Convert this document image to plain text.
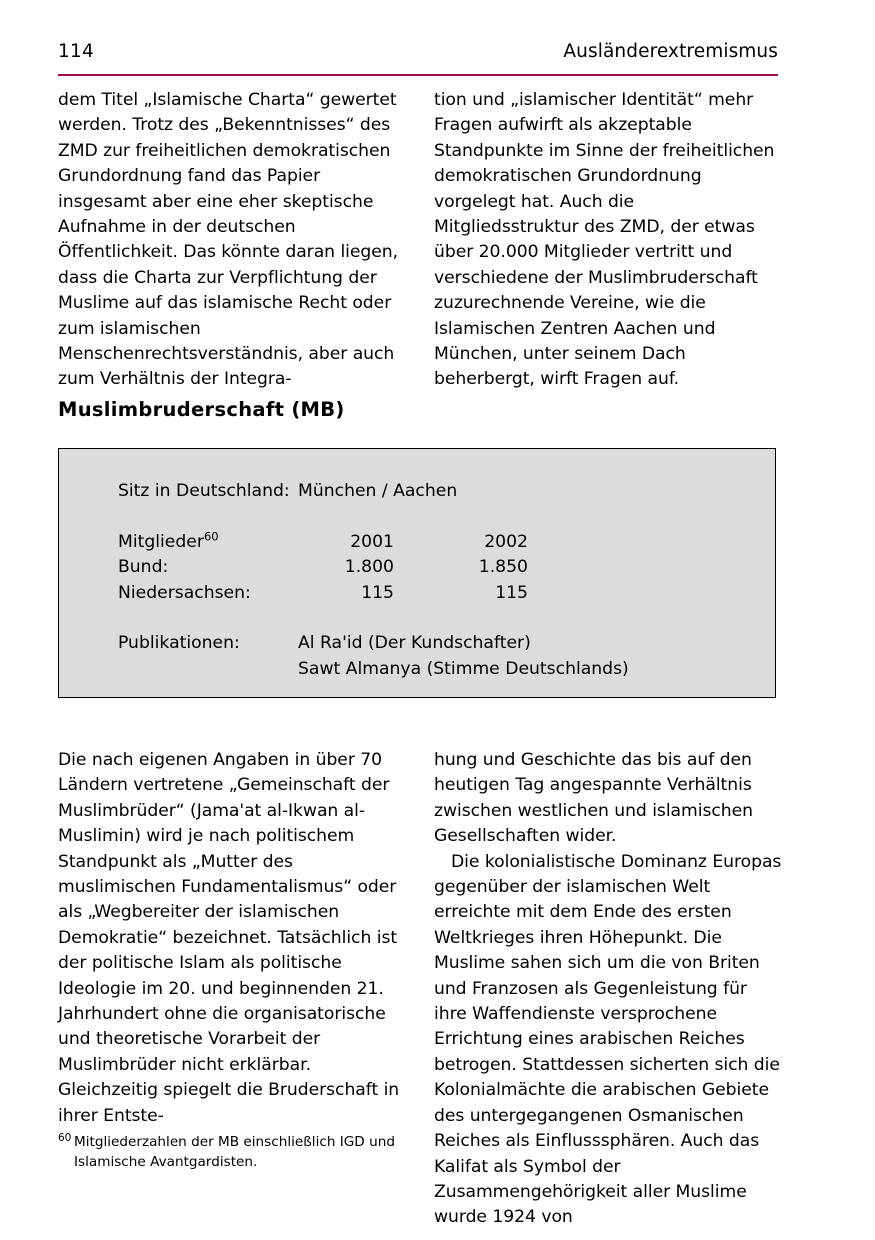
114	Ausländerextremismus

dem Titel „Islamische Charta“ gewertet werden. Trotz des „Bekenntnisses“ des ZMD zur freiheitlichen demokratischen Grundordnung fand das Papier insgesamt aber eine eher skeptische Aufnahme in der deutschen Öffentlichkeit. Das könnte daran liegen, dass die Charta zur Verpflichtung der Muslime auf das islamische Recht oder zum islamischen Menschenrechtsverständnis, aber auch zum Verhältnis der Integra-

tion und „islamischer Identität“ mehr Fragen aufwirft als akzeptable Standpunkte im Sinne der freiheitlichen demokratischen Grundordnung vorgelegt hat. Auch die Mitgliedsstruktur des ZMD, der etwas über 20.000 Mitglieder vertritt und verschiedene der Muslimbruderschaft zuzurechnende Vereine, wie die Islamischen Zentren Aachen und München, unter seinem Dach beherbergt, wirft Fragen auf.

Muslimbruderschaft (MB)
Sitz in Deutschland: München / Aachen
Mitglieder$^{60}$	2001	2002
Bund:	1.800	1.850
Niedersachsen:	115	115
Publikationen:	Al Ra'id (Der Kundschafter)
Sawt Almanya (Stimme Deutschlands)

Die nach eigenen Angaben in über 70 Ländern vertretene „Gemeinschaft der Muslimbrüder“ (Jama'at al-Ikwan al-Muslimin) wird je nach politischem Standpunkt als „Mutter des muslimischen Fundamentalismus“ oder als „Wegbereiter der islamischen Demokratie“ bezeichnet. Tatsächlich ist der politische Islam als politische Ideologie im 20. und beginnenden 21. Jahrhundert ohne die organisatorische und theoretische Vorarbeit der Muslimbrüder nicht erklärbar. Gleichzeitig spiegelt die Bruderschaft in ihrer Entste-

hung und Geschichte das bis auf den heutigen Tag angespannte Verhältnis zwischen westlichen und islamischen Gesellschaften wider.

Die kolonialistische Dominanz Europas gegenüber der islamischen Welt erreichte mit dem Ende des ersten Weltkrieges ihren Höhepunkt. Die Muslime sahen sich um die von Briten und Franzosen als Gegenleistung für ihre Waffendienste versprochene Errichtung eines arabischen Reiches betrogen. Stattdessen sicherten sich die Kolonialmächte die arabischen Gebiete des untergegangenen Osmanischen Reiches als Einflusssphären. Auch das Kalifat als Symbol der Zusammengehörigkeit aller Muslime wurde 1924 von

60 Mitgliederzahlen der MB einschließlich IGD und Islamische Avantgardisten.
